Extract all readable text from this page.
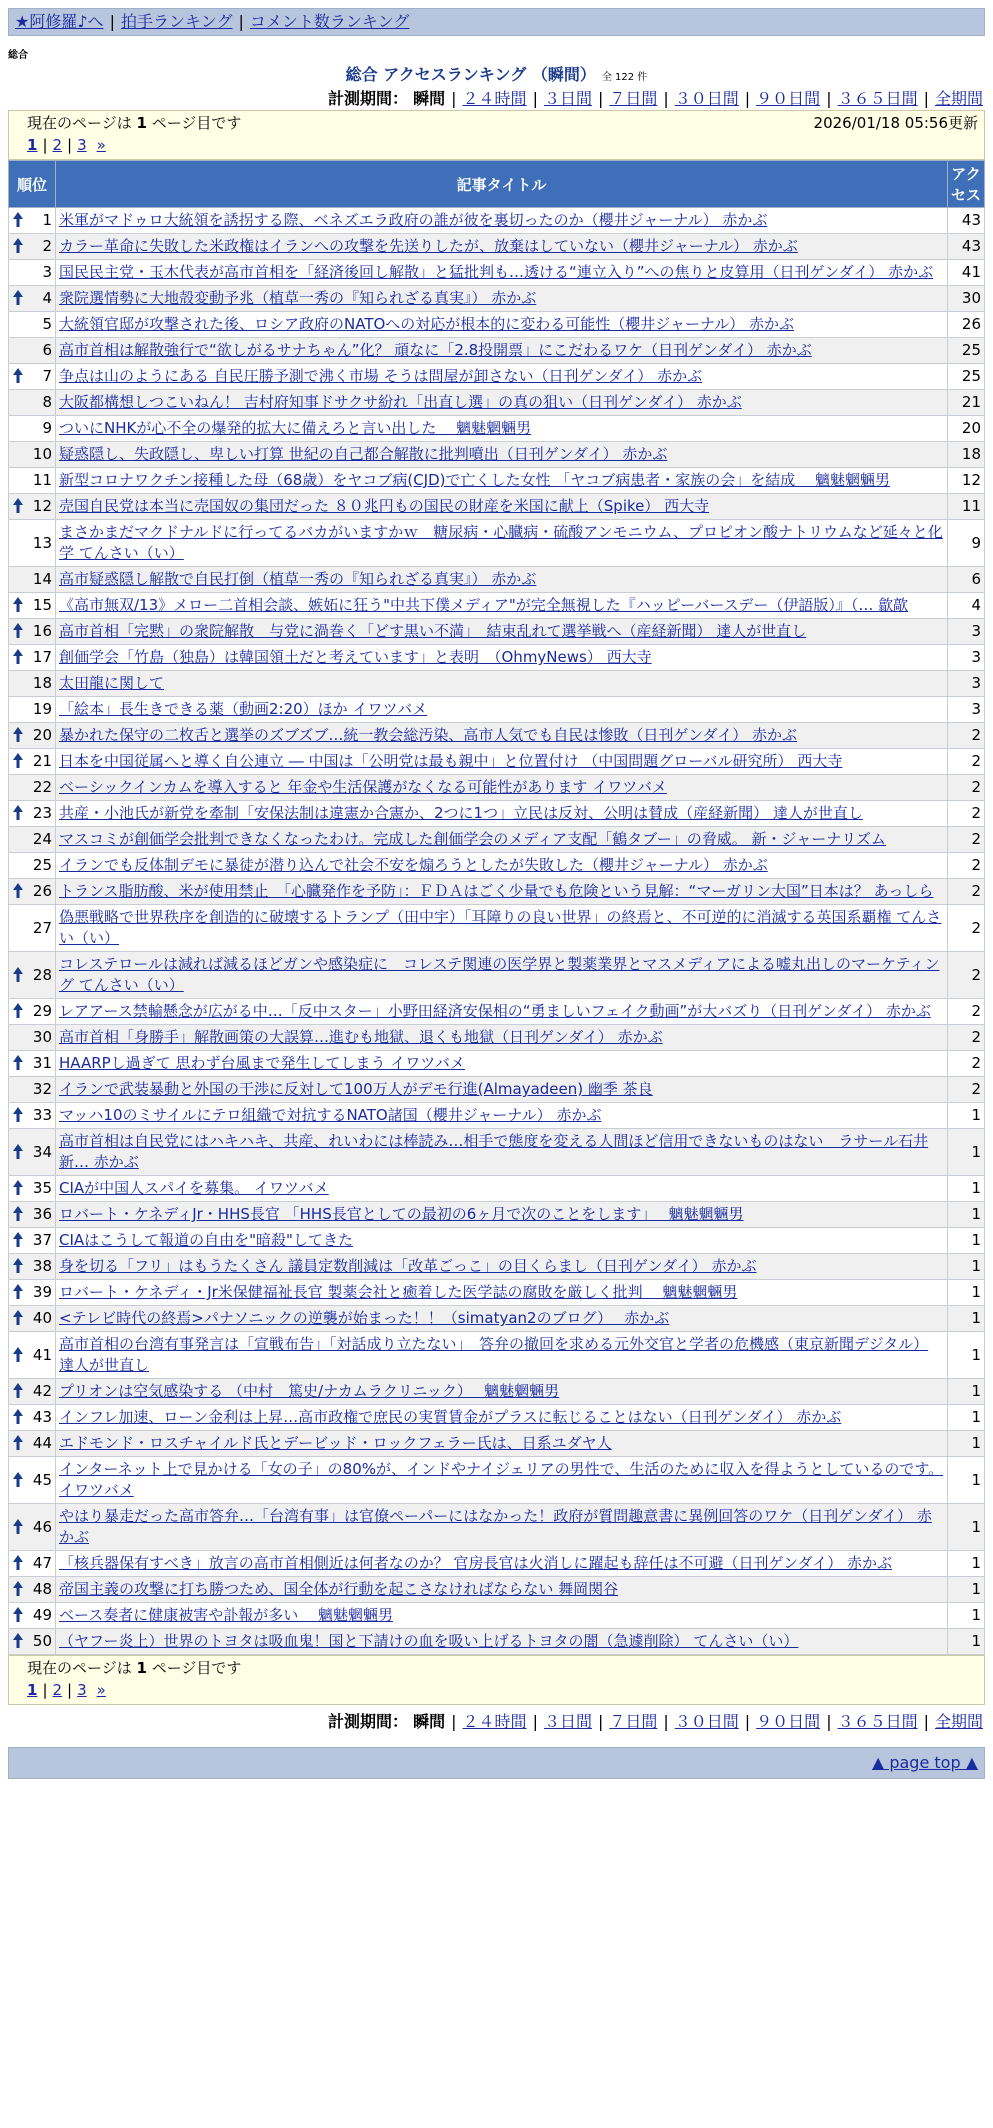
★阿修羅♪へ | 拍手ランキング | コメント数ランキング
総合
総合 アクセスランキング （瞬間） 全 122 件
計測期間： 瞬間 | ２４時間 | ３日間 | ７日間 | ３０日間 | ９０日間 | ３６５日間 | 全期間
現在のページは 1 ページ目です	2026/01/18 05:56更新
1 | 2 | 3 »
順位	記事タイトル	アクセス

1	米軍がマドゥロ大統領を誘拐する際、ベネズエラ政府の誰が彼を裏切ったのか（櫻井ジャーナル） 赤かぶ	43

2	カラー革命に失敗した米政権はイランへの攻撃を先送りしたが、放棄はしていない（櫻井ジャーナル） 赤かぶ	43
3	国民民主党・玉木代表が高市首相を「経済後回し解散」と猛批判も…透ける“連立入り”への焦りと皮算用（日刊ゲンダイ） 赤かぶ	41

4	衆院選情勢に大地殻変動予兆（植草一秀の『知られざる真実』） 赤かぶ	30
5	大統領官邸が攻撃された後、ロシア政府のNATOへの対応が根本的に変わる可能性（櫻井ジャーナル） 赤かぶ	26
6	高市首相は解散強行で“欲しがるサナちゃん”化？ 頑なに「2.8投開票」にこだわるワケ（日刊ゲンダイ） 赤かぶ	25

7	争点は山のようにある 自民圧勝予測で沸く市場 そうは問屋が卸さない（日刊ゲンダイ） 赤かぶ	25
8	大阪都構想しつこいねん！ 吉村府知事ドサクサ紛れ「出直し選」の真の狙い（日刊ゲンダイ） 赤かぶ	21
9	ついにNHKが心不全の爆発的拡大に備えろと言い出した　 魑魅魍魎男	20
10	疑惑隠し、失政隠し、卑しい打算 世紀の自己都合解散に批判噴出（日刊ゲンダイ） 赤かぶ	18
11	新型コロナワクチン接種した母（68歳）をヤコブ病(CJD)で亡くした女性 「ヤコブ病患者・家族の会」を結成　 魑魅魍魎男	12

12	売国自民党は本当に売国奴の集団だった ８０兆円もの国民の財産を米国に献上（Spike） 西大寺	11
13	まさかまだマクドナルドに行ってるバカがいますかｗ　糖尿病・心臓病・硫酸アンモニウム、プロピオン酸ナトリウムなど延々と化学 てんさい（い）	9
14	高市疑惑隠し解散で自民打倒（植草一秀の『知られざる真実』） 赤かぶ	6

15	《高市無双/13》メロー二首相会談、嫉妬に狂う"中共下僕メディア"が完全無視した『ハッピーバースデー（伊語版）』（… 歙歊	4

16	高市首相「完黙」の衆院解散　与党に渦巻く「どす黒い不満」　結束乱れて選挙戦へ（産経新聞） 達人が世直し	3

17	創価学会「竹島（独島）は韓国領土だと考えています」と表明　（OhmyNews） 西大寺	3
18	太田龍に関して	3
19	「絵本」長生きできる薬（動画2:20）ほか イワツバメ	3

20	暴かれた保守の二枚舌と選挙のズブズブ…統一教会総汚染、高市人気でも自民は惨敗（日刊ゲンダイ） 赤かぶ	2

21	日本を中国従属へと導く自公連立 ― 中国は「公明党は最も親中」と位置付け （中国問題グローバル研究所） 西大寺	2
22	ベーシックインカムを導入すると 年金や生活保護がなくなる可能性があります イワツバメ	2

23	共産・小池氏が新党を牽制「安保法制は違憲か合憲か、2つに1つ」立民は反対、公明は賛成（産経新聞） 達人が世直し	2
24	マスコミが創価学会批判できなくなったわけ。完成した創価学会のメディア支配「鶴タブー」の脅威。 新・ジャーナリズム	2
25	イランでも反体制デモに暴徒が潜り込んで社会不安を煽ろうとしたが失敗した（櫻井ジャーナル） 赤かぶ	2

26	トランス脂肪酸、米が使用禁止　「心臓発作を予防」：ＦＤＡはごく少量でも危険という見解：“マーガリン大国”日本は？ あっしら	2
27	偽悪戦略で世界秩序を創造的に破壊するトランプ（田中宇）「耳障りの良い世界」の終焉と、不可逆的に消滅する英国系覇権 てんさい（い）	2

28	コレステロールは減れば減るほどガンや感染症に　コレステ関連の医学界と製薬業界とマスメディアによる嘘丸出しのマーケティング てんさい（い）	2

29	レアアース禁輸懸念が広がる中…「反中スター」小野田経済安保相の“勇ましいフェイク動画”が大バズり（日刊ゲンダイ） 赤かぶ	2
30	高市首相「身勝手」解散画策の大誤算…進むも地獄、退くも地獄（日刊ゲンダイ） 赤かぶ	2

31	HAARPし過ぎて 思わず台風まで発生してしまう イワツバメ	2
32	イランで武装暴動と外国の干渉に反対して100万人がデモ行進(Almayadeen) 幽季 茶良	2

33	マッハ10のミサイルにテロ組織で対抗するNATO諸国（櫻井ジャーナル） 赤かぶ	1

34	高市首相は自民党にはハキハキ、共産、れいわには棒読み…相手で態度を変える人間ほど信用できないものはない　ラサール石井 新… 赤かぶ	1

35	CIAが中国人スパイを募集。 イワツバメ	1

36	ロバート・ケネディJr・HHS長官 「HHS長官としての最初の6ヶ月で次のことをします」　 魑魅魍魎男	1

37	CIAはこうして報道の自由を"暗殺"してきた	1

38	身を切る「フリ」はもうたくさん 議員定数削減は「改革ごっこ」の目くらまし（日刊ゲンダイ） 赤かぶ	1

39	ロバート・ケネディ・Jr米保健福祉長官 製薬会社と癒着した医学誌の腐敗を厳しく批判　 魑魅魍魎男	1

40	<テレビ時代の終焉>パナソニックの逆襲が始まった！！（simatyan2のブログ）　 赤かぶ	1

41	高市首相の台湾有事発言は「宣戦布告」「対話成り立たない」　答弁の撤回を求める元外交官と学者の危機感（東京新聞デジタル） 達人が世直し	1

42	プリオンは空気感染する （中村　篤史/ナカムラクリニック）　 魑魅魍魎男	1

43	インフレ加速、ローン金利は上昇…高市政権で庶民の実質賃金がプラスに転じることはない（日刊ゲンダイ） 赤かぶ	1

44	エドモンド・ロスチャイルド氏とデービッド・ロックフェラー氏は、日系ユダヤ人	1

45	インターネット上で見かける「女の子」の80%が、インドやナイジェリアの男性で、生活のために収入を得ようとしているのです。 イワツバメ	1

46	やはり暴走だった高市答弁…「台湾有事」は官僚ペーパーにはなかった！政府が質問趣意書に異例回答のワケ（日刊ゲンダイ） 赤かぶ	1

47	「核兵器保有すべき」放言の高市首相側近は何者なのか？ 官房長官は火消しに躍起も辞任は不可避（日刊ゲンダイ） 赤かぶ	1

48	帝国主義の攻撃に打ち勝つため、国全体が行動を起こさなければならない 舞岡関谷	1

49	ベース奏者に健康被害や訃報が多い　 魑魅魍魎男	1

50	（ヤフー炎上）世界のトヨタは吸血鬼！国と下請けの血を吸い上げるトヨタの闇（急遽削除） てんさい（い）	1
現在のページは 1 ページ目です
1 | 2 | 3 »
計測期間： 瞬間 | ２４時間 | ３日間 | ７日間 | ３０日間 | ９０日間 | ３６５日間 | 全期間
▲ page top ▲
